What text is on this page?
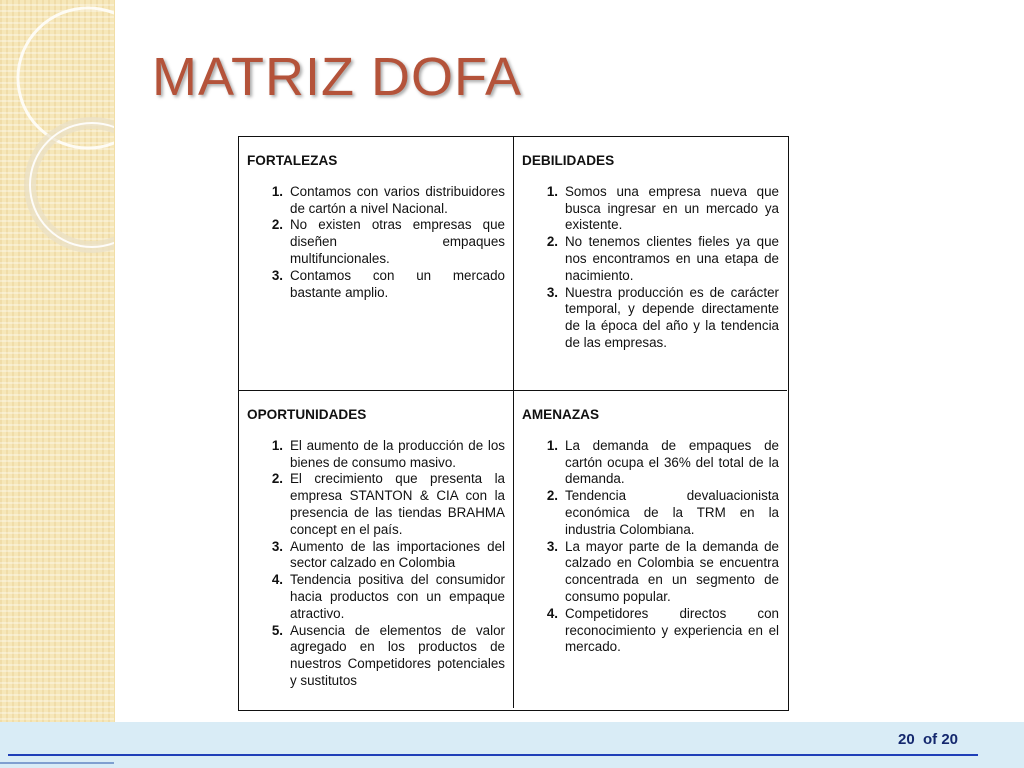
MATRIZ DOFA
FORTALEZAS
1. Contamos con varios distribuidores de cartón a nivel Nacional.
2. No existen otras empresas que diseñen empaques multifuncionales.
3. Contamos con un mercado bastante amplio.
DEBILIDADES
1. Somos una empresa nueva que busca ingresar en un mercado ya existente.
2. No tenemos clientes fieles ya que nos encontramos en una etapa de nacimiento.
3. Nuestra producción es de carácter temporal, y depende directamente de la época del año y la tendencia de las empresas.
OPORTUNIDADES
1. El aumento de la producción de los bienes de consumo masivo.
2. El crecimiento que presenta la empresa STANTON & CIA con la presencia de las tiendas BRAHMA concept en el país.
3. Aumento de las importaciones del sector calzado en Colombia
4. Tendencia positiva del consumidor hacia productos con un empaque atractivo.
5. Ausencia de elementos de valor agregado en los productos de nuestros Competidores potenciales y sustitutos
AMENAZAS
1. La demanda de empaques de cartón ocupa el 36% del total de la demanda.
2. Tendencia devaluacionista económica de la TRM en la industria Colombiana.
3. La mayor parte de la demanda de calzado en Colombia se encuentra concentrada en un segmento de consumo popular.
4. Competidores directos con reconocimiento y experiencia en el mercado.
20  of 20
